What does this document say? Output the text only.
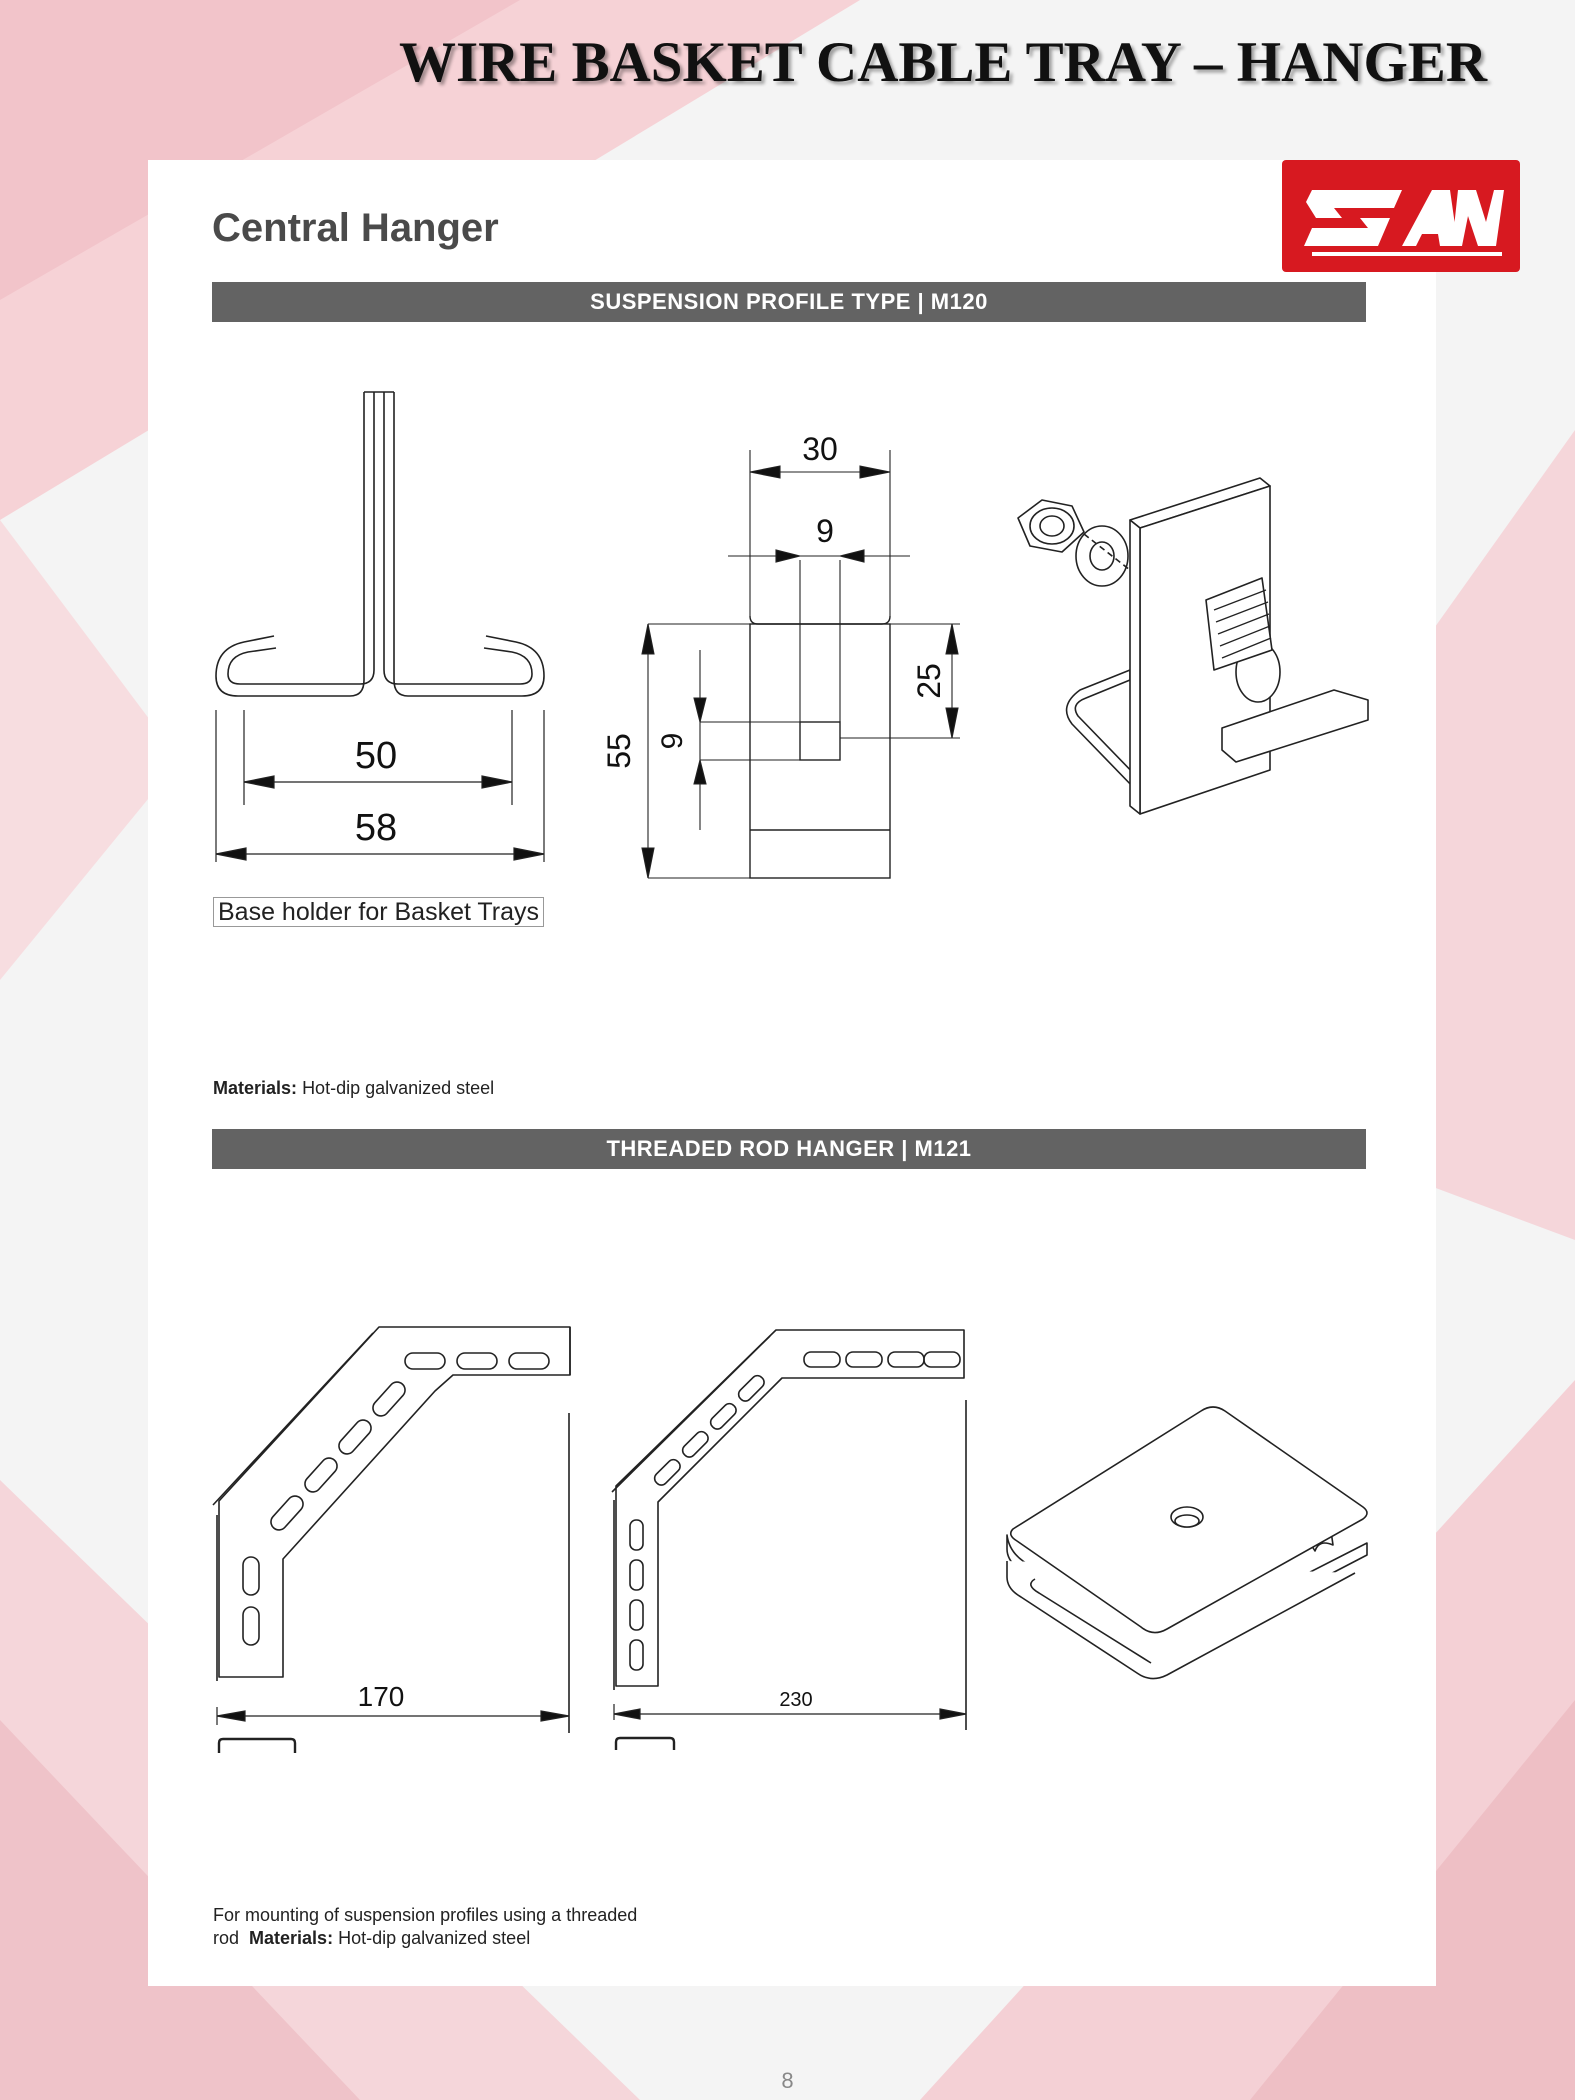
WIRE BASKET CABLE TRAY – HANGER
Central Hanger
SUSPENSION PROFILE TYPE | M120
50
58
30
9
55 9
25
Base holder for Basket Trays
Materials: Hot-dip galvanized steel
THREADED ROD HANGER | M121
170	230
For mounting of suspension profiles using a threaded
rod Materials: Hot-dip galvanized steel
8
